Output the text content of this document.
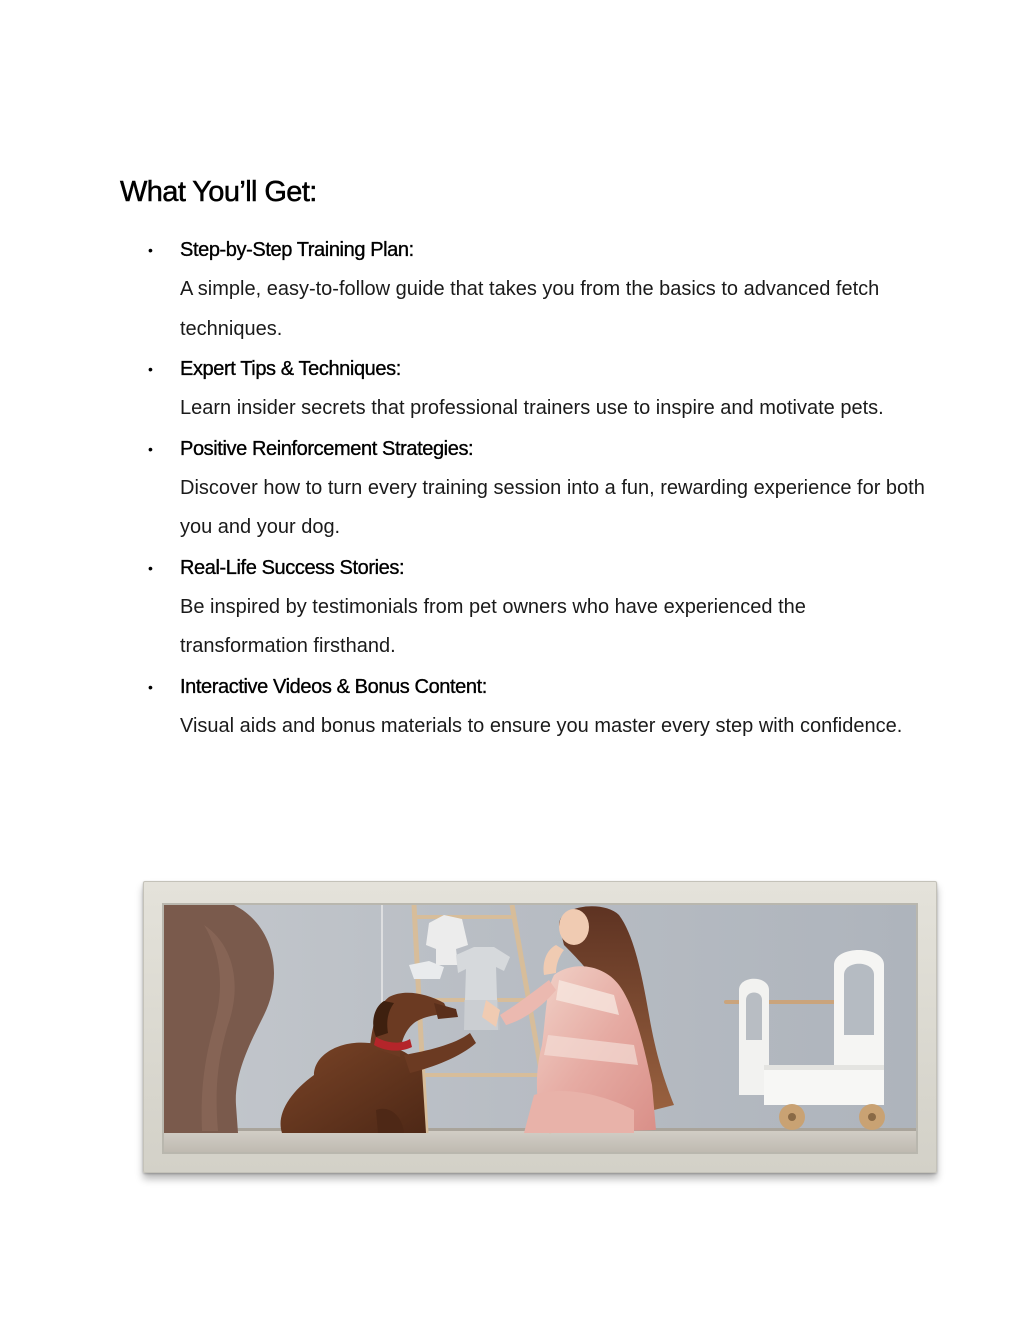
What You’ll Get:
•	Step-by-Step Training Plan:
A simple, easy-to-follow guide that takes you from the basics to advanced fetch techniques.
•	Expert Tips & Techniques:
Learn insider secrets that professional trainers use to inspire and motivate pets.
•	Positive Reinforcement Strategies:
Discover how to turn every training session into a fun, rewarding experience for both you and your dog.
•	Real-Life Success Stories:
Be inspired by testimonials from pet owners who have experienced the transformation firsthand.
•	Interactive Videos & Bonus Content:
Visual aids and bonus materials to ensure you master every step with confidence.
